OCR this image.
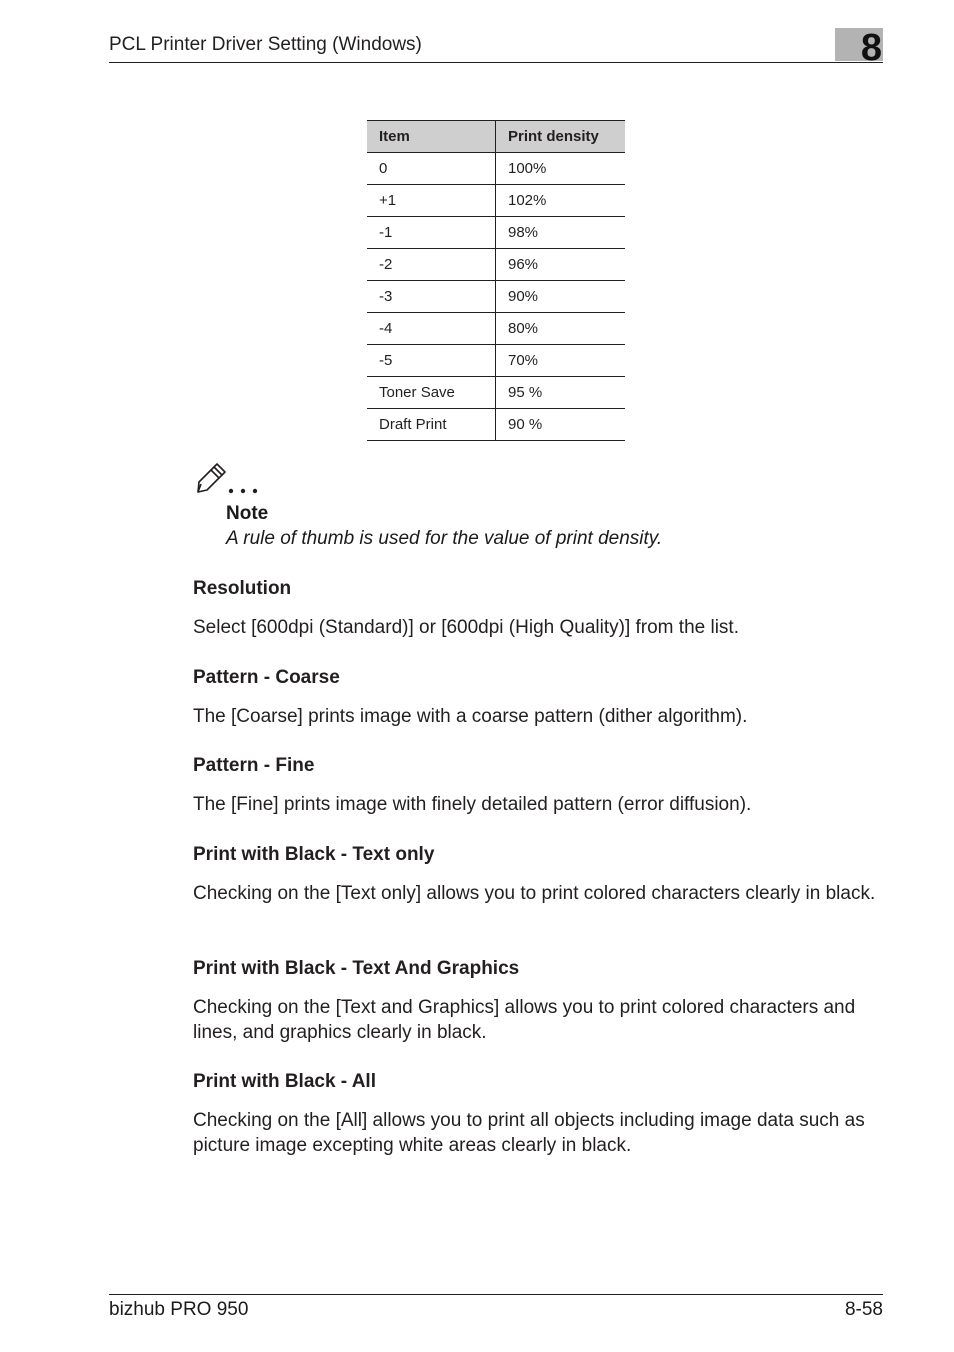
PCL Printer Driver Setting (Windows)	8
Item	Print density
0	100%
+1	102%
-1	98%
-2	96%
-3	90%
-4	80%
-5	70%
Toner Save	95 %
Draft Print	90 %
Note
A rule of thumb is used for the value of print density.
Resolution

Select [600dpi (Standard)] or [600dpi (High Quality)] from the list.

Pattern - Coarse

The [Coarse] prints image with a coarse pattern (dither algorithm).

Pattern - Fine

The [Fine] prints image with finely detailed pattern (error diffusion).

Print with Black - Text only

Checking on the [Text only] allows you to print colored characters clearly in black.

Print with Black - Text And Graphics

Checking on the [Text and Graphics] allows you to print colored characters and lines, and graphics clearly in black.

Print with Black - All

Checking on the [All] allows you to print all objects including image data such as picture image excepting white areas clearly in black.

bizhub PRO 950	8-58
